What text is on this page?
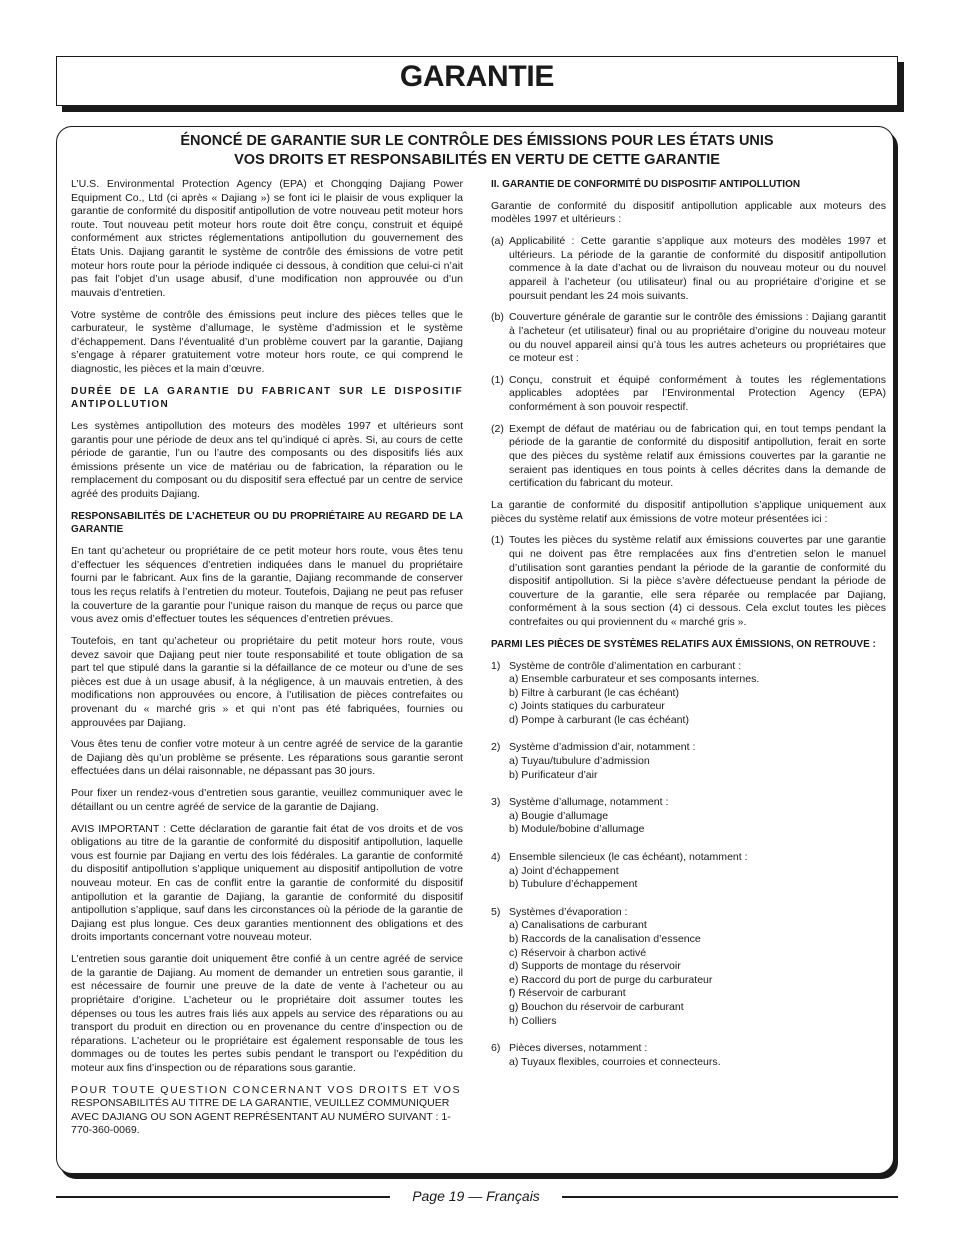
GARANTIE
ÉNONCÉ DE GARANTIE SUR LE CONTRÔLE DES ÉMISSIONS POUR LES ÉTATS UNIS
VOS DROITS ET RESPONSABILITÉS EN VERTU DE CETTE GARANTIE

L’U.S. Environmental Protection Agency (EPA) et Chongqing Dajiang Power Equipment Co., Ltd (ci après « Dajiang ») se font ici le plaisir de vous expliquer la garantie de conformité du dispositif antipollution de votre nouveau petit moteur hors route. Tout nouveau petit moteur hors route doit être conçu, construit et équipé conformément aux strictes réglementations antipollution du gouvernement des États Unis. Dajiang garantit le système de contrôle des émissions de votre petit moteur hors route pour la période indiquée ci dessous, à condition que celui-ci n’ait pas fait l’objet d’un usage abusif, d’une modification non approuvée ou d’un mauvais d’entretien.

Votre système de contrôle des émissions peut inclure des pièces telles que le carburateur, le système d’allumage, le système d’admission et le système d’échappement. Dans l’éventualité d’un problème couvert par la garantie, Dajiang s’engage à réparer gratuitement votre moteur hors route, ce qui comprend le diagnostic, les pièces et la main d’œuvre.

DURÉE DE LA GARANTIE DU FABRICANT SUR LE DISPOSITIF ANTIPOLLUTION

Les systèmes antipollution des moteurs des modèles 1997 et ultérieurs sont garantis pour une période de deux ans tel qu’indiqué ci après. Si, au cours de cette période de garantie, l’un ou l’autre des composants ou des dispositifs liés aux émissions présente un vice de matériau ou de fabrication, la réparation ou le remplacement du composant ou du dispositif sera effectué par un centre de service agréé des produits Dajiang.

RESPONSABILITÉS DE L’ACHETEUR OU DU PROPRIÉTAIRE AU REGARD DE LA GARANTIE

En tant qu’acheteur ou propriétaire de ce petit moteur hors route, vous êtes tenu d’effectuer les séquences d’entretien indiquées dans le manuel du propriétaire fourni par le fabricant. Aux fins de la garantie, Dajiang recommande de conserver tous les reçus relatifs à l’entretien du moteur. Toutefois, Dajiang ne peut pas refuser la couverture de la garantie pour l’unique raison du manque de reçus ou parce que vous avez omis d’effectuer toutes les séquences d’entretien prévues.

Toutefois, en tant qu’acheteur ou propriétaire du petit moteur hors route, vous devez savoir que Dajiang peut nier toute responsabilité et toute obligation de sa part tel que stipulé dans la garantie si la défaillance de ce moteur ou d’une de ses pièces est due à un usage abusif, à la négligence, à un mauvais entretien, à des modifications non approuvées ou encore, à l’utilisation de pièces contrefaites ou provenant du « marché gris » et qui n’ont pas été fabriquées, fournies ou approuvées par Dajiang.

Vous êtes tenu de confier votre moteur à un centre agréé de service de la garantie de Dajiang dès qu’un problème se présente. Les réparations sous garantie seront effectuées dans un délai raisonnable, ne dépassant pas 30 jours.

Pour fixer un rendez-vous d’entretien sous garantie, veuillez communiquer avec le détaillant ou un centre agréé de service de la garantie de Dajiang.

AVIS IMPORTANT : Cette déclaration de garantie fait état de vos droits et de vos obligations au titre de la garantie de conformité du dispositif antipollution, laquelle vous est fournie par Dajiang en vertu des lois fédérales. La garantie de conformité du dispositif antipollution s’applique uniquement au dispositif antipollution de votre nouveau moteur. En cas de conflit entre la garantie de conformité du dispositif antipollution et la garantie de Dajiang, la garantie de conformité du dispositif antipollution s’applique, sauf dans les circonstances où la période de la garantie de Dajiang est plus longue. Ces deux garanties mentionnent des obligations et des droits importants concernant votre nouveau moteur.

L’entretien sous garantie doit uniquement être confié à un centre agréé de service de la garantie de Dajiang. Au moment de demander un entretien sous garantie, il est nécessaire de fournir une preuve de la date de vente à l’acheteur ou au propriétaire d’origine. L’acheteur ou le propriétaire doit assumer toutes les dépenses ou tous les autres frais liés aux appels au service des réparations ou au transport du produit en direction ou en provenance du centre d’inspection ou de réparations. L’acheteur ou le propriétaire est également responsable de tous les dommages ou de toutes les pertes subis pendant le transport ou l’expédition du moteur aux fins d’inspection ou de réparations sous garantie.

POUR TOUTE QUESTION CONCERNANT VOS DROITS ET VOS
RESPONSABILITÉS AU TITRE DE LA GARANTIE, VEUILLEZ COMMUNIQUER AVEC DAJIANG OU SON AGENT REPRÉSENTANT AU NUMÉRO SUIVANT : 1-770-360-0069.

II. GARANTIE DE CONFORMITÉ DU DISPOSITIF ANTIPOLLUTION

Garantie de conformité du dispositif antipollution applicable aux moteurs des modèles 1997 et ultérieurs :

(a) Applicabilité : Cette garantie s’applique aux moteurs des modèles 1997 et ultérieurs. La période de la garantie de conformité du dispositif antipollution commence à la date d’achat ou de livraison du nouveau moteur ou du nouvel appareil à l’acheteur (ou utilisateur) final ou au propriétaire d’origine et se poursuit pendant les 24 mois suivants.
(b) Couverture générale de garantie sur le contrôle des émissions : Dajiang garantit à l’acheteur (et utilisateur) final ou au propriétaire d’origine du nouveau moteur ou du nouvel appareil ainsi qu’à tous les autres acheteurs ou propriétaires que ce moteur est :
(1) Conçu, construit et équipé conformément à toutes les réglementations applicables adoptées par l’Environmental Protection Agency (EPA) conformément à son pouvoir respectif.
(2) Exempt de défaut de matériau ou de fabrication qui, en tout temps pendant la période de la garantie de conformité du dispositif antipollution, ferait en sorte que des pièces du système relatif aux émissions couvertes par la garantie ne seraient pas identiques en tous points à celles décrites dans la demande de certification du fabricant du moteur.

La garantie de conformité du dispositif antipollution s’applique uniquement aux pièces du système relatif aux émissions de votre moteur présentées ici :

(1) Toutes les pièces du système relatif aux émissions couvertes par une garantie qui ne doivent pas être remplacées aux fins d’entretien selon le manuel d’utilisation sont garanties pendant la période de la garantie de conformité du dispositif antipollution. Si la pièce s’avère défectueuse pendant la période de couverture de la garantie, elle sera réparée ou remplacée par Dajiang, conformément à la sous section (4) ci dessous. Cela exclut toutes les pièces contrefaites ou qui proviennent du « marché gris ».

PARMI LES PIÈCES DE SYSTÈMES RELATIFS AUX ÉMISSIONS, ON RETROUVE :

1) Système de contrôle d’alimentation en carburant :
a) Ensemble carburateur et ses composants internes.
b) Filtre à carburant (le cas échéant)
c) Joints statiques du carburateur
d) Pompe à carburant (le cas échéant)
2) Système d’admission d’air, notamment :
a) Tuyau/tubulure d’admission
b) Purificateur d’air
3) Système d’allumage, notamment :
a) Bougie d’allumage
b) Module/bobine d’allumage
4) Ensemble silencieux (le cas échéant), notamment :
a) Joint d’échappement
b) Tubulure d’échappement
5) Systèmes d’évaporation :
a) Canalisations de carburant
b) Raccords de la canalisation d’essence
c) Réservoir à charbon activé
d) Supports de montage du réservoir
e) Raccord du port de purge du carburateur
f) Réservoir de carburant
g) Bouchon du réservoir de carburant
h) Colliers
6) Pièces diverses, notamment :
a) Tuyaux flexibles, courroies et connecteurs.
Page 19 — Français
